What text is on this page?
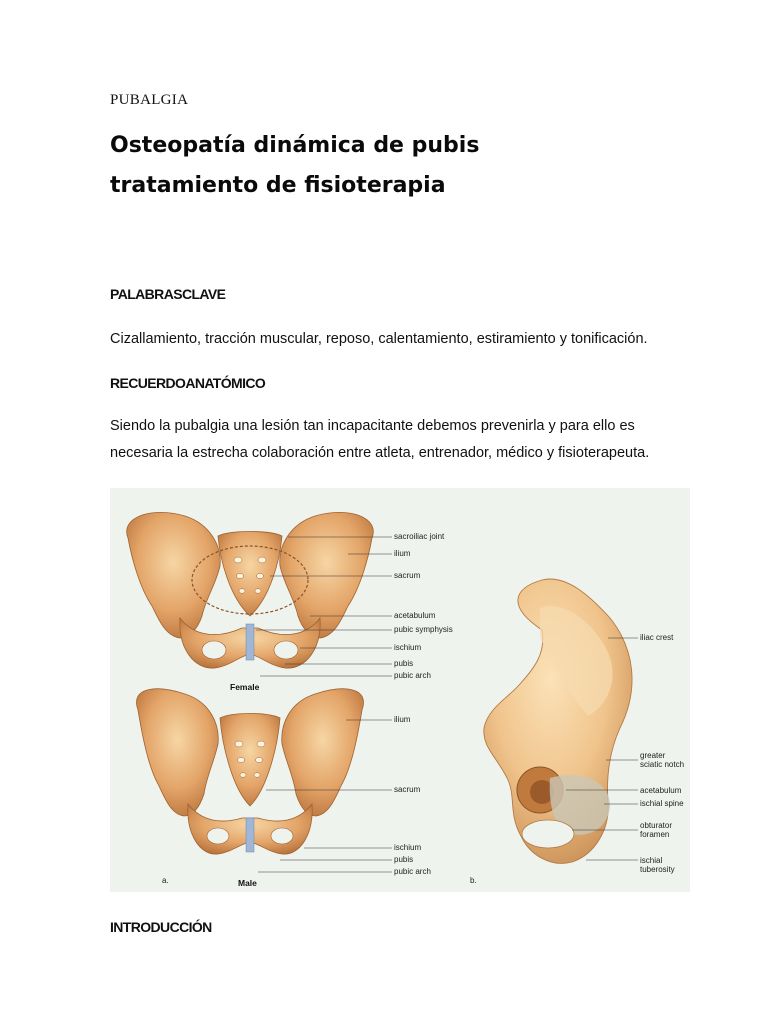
PUBALGIA
Osteopatía dinámica de pubis
tratamiento de fisioterapia
PALABRASCLAVE
Cizallamiento, tracción muscular, reposo, calentamiento, estiramiento y tonificación.
RECUERDOANATÓMICO
Siendo la pubalgia una lesión tan incapacitante debemos prevenirla y para ello es
necesaria la estrecha colaboración entre atleta, entrenador, médico y fisioterapeuta.
Female
sacroiliac joint
ilium
sacrum
acetabulum
pubic symphysis
ischium
pubis
pubic arch
a.	Male
ilium
sacrum
ischium
pubis
pubic arch
b.
iliac crest
greater
sciatic notch
acetabulum
ischial spine
obturator
foramen
ischial
tuberosity
INTRODUCCIÓN
